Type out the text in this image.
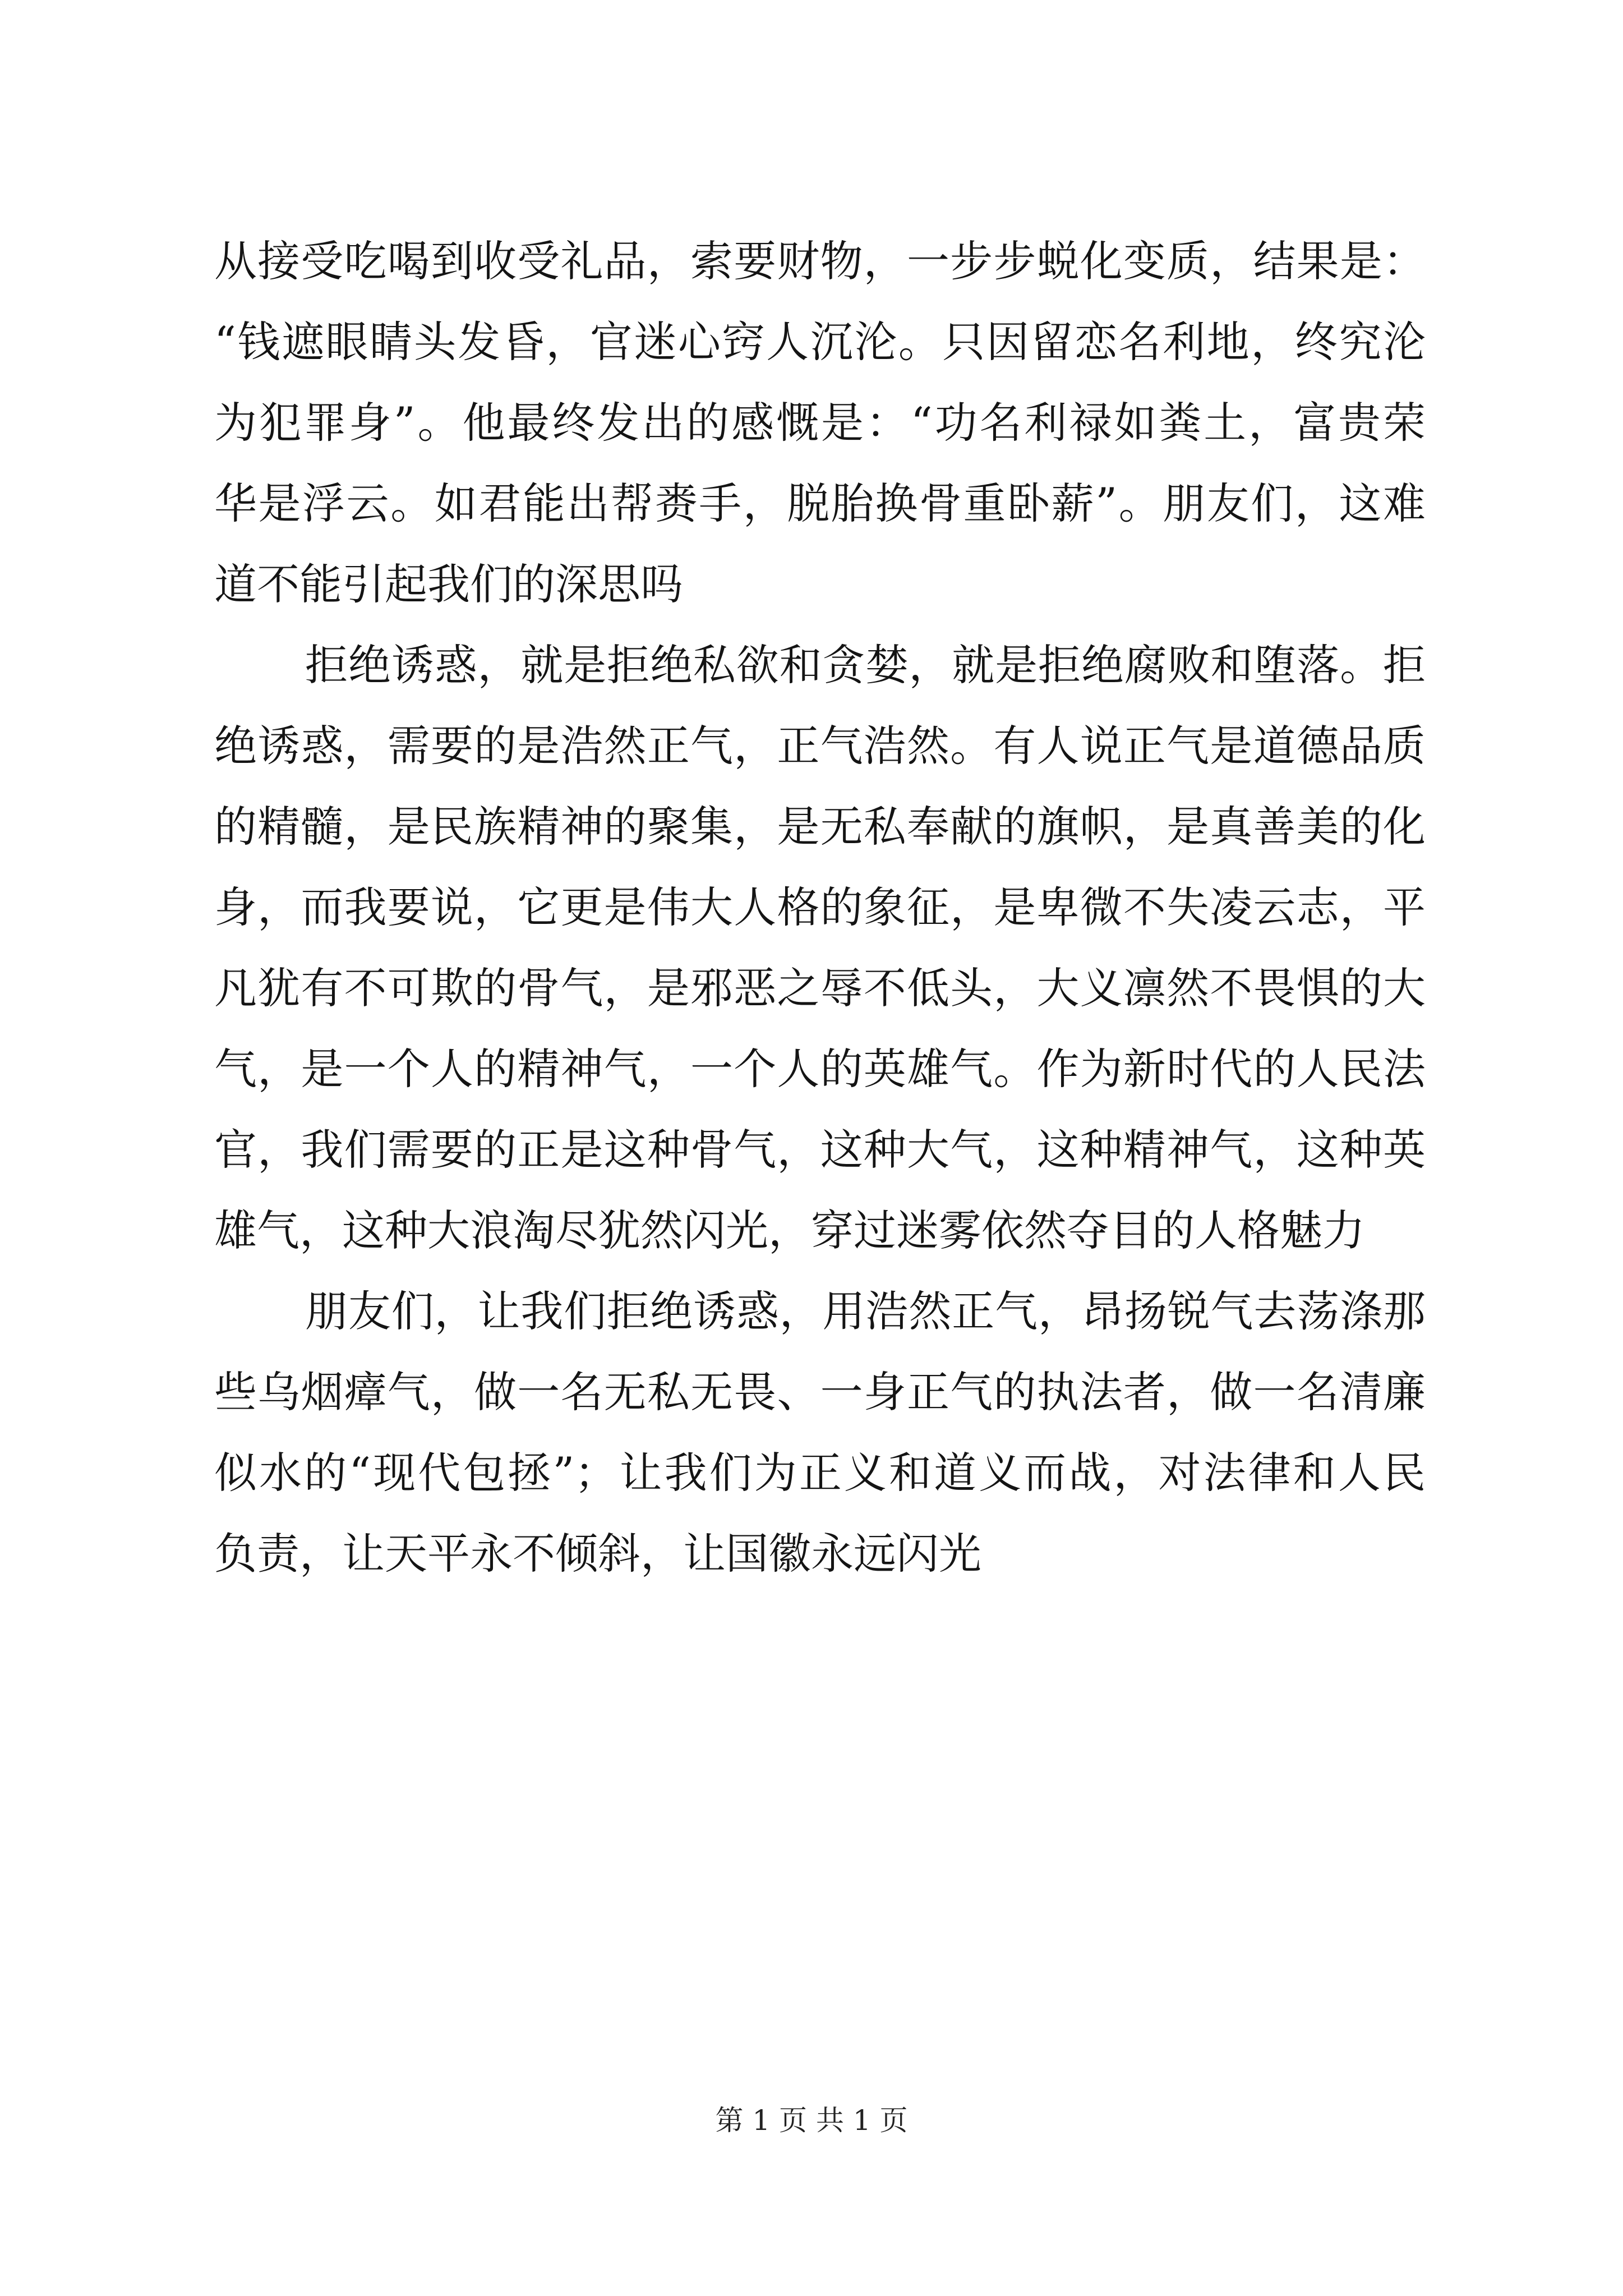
从接受吃喝到收受礼品，索要财物，一步步蜕化变质，结果是：
“钱遮眼睛头发昏，官迷心窍人沉沦。只因留恋名利地，终究沦
为犯罪身”。他最终发出的感慨是：“功名利禄如粪土，富贵荣
华是浮云。如君能出帮赉手，脱胎换骨重卧薪”。朋友们，这难
道不能引起我们的深思吗
拒绝诱惑，就是拒绝私欲和贪婪，就是拒绝腐败和堕落。拒
绝诱惑，需要的是浩然正气，正气浩然。有人说正气是道德品质
的精髓，是民族精神的聚集，是无私奉献的旗帜，是真善美的化
身，而我要说，它更是伟大人格的象征，是卑微不失凌云志，平
凡犹有不可欺的骨气，是邪恶之辱不低头，大义凛然不畏惧的大
气，是一个人的精神气，一个人的英雄气。作为新时代的人民法
官，我们需要的正是这种骨气，这种大气，这种精神气，这种英
雄气，这种大浪淘尽犹然闪光，穿过迷雾依然夺目的人格魅力
朋友们，让我们拒绝诱惑，用浩然正气，昂扬锐气去荡涤那
些乌烟瘴气，做一名无私无畏、一身正气的执法者，做一名清廉
似水的“现代包拯”；让我们为正义和道义而战，对法律和人民
负责，让天平永不倾斜，让国徽永远闪光
第 1 页 共 1 页
